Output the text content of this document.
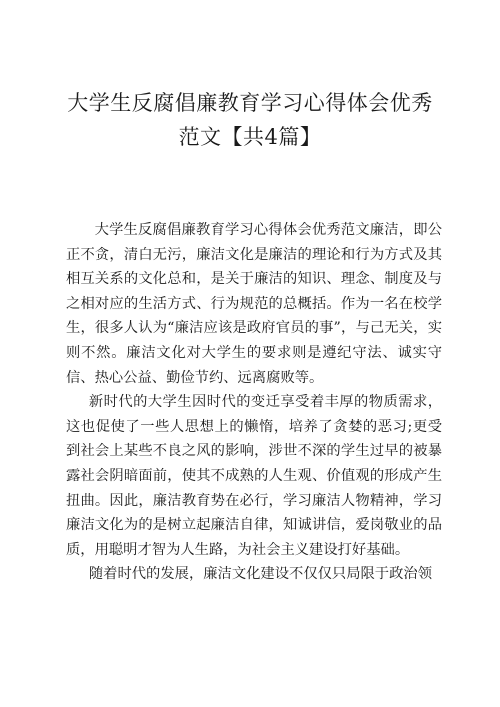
大学生反腐倡廉教育学习心得体会优秀
范文【共4篇】

大学生反腐倡廉教育学习心得体会优秀范文廉洁，即公正不贪，清白无污，廉洁文化是廉洁的理论和行为方式及其相互关系的文化总和，是关于廉洁的知识、理念、制度及与之相对应的生活方式、行为规范的总概括。作为一名在校学生，很多人认为“廉洁应该是政府官员的事”，与己无关，实则不然。廉洁文化对大学生的要求则是遵纪守法、诚实守信、热心公益、勤俭节约、远离腐败等。

新时代的大学生因时代的变迁享受着丰厚的物质需求，这也促使了一些人思想上的懒惰，培养了贪婪的恶习;更受到社会上某些不良之风的影响，涉世不深的学生过早的被暴露社会阴暗面前，使其不成熟的人生观、价值观的形成产生扭曲。因此，廉洁教育势在必行，学习廉洁人物精神，学习廉洁文化为的是树立起廉洁自律，知诚讲信，爱岗敬业的品质，用聪明才智为人生路，为社会主义建设打好基础。

随着时代的发展，廉洁文化建设不仅仅只局限于政治领
